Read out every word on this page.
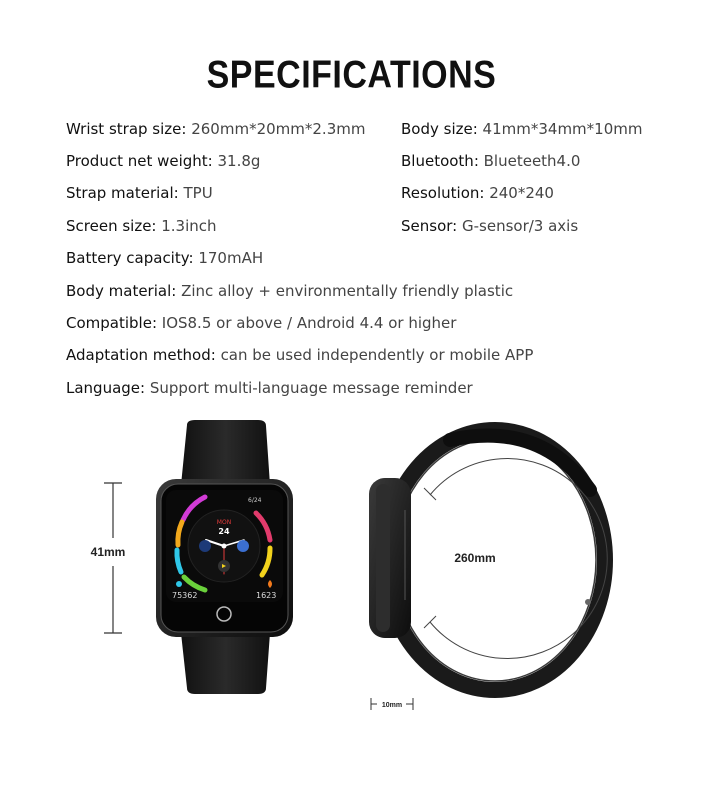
SPECIFICATIONS
Wrist strap size: 260mm*20mm*2.3mm
Product net weight: 31.8g
Strap material: TPU
Screen size: 1.3inch
Battery capacity: 170mAH
Body material: Zinc alloy + environmentally friendly plastic
Compatible: IOS8.5 or above / Android 4.4 or higher
Adaptation method: can be used independently or mobile APP
Language: Support multi-language message reminder
Body size: 41mm*34mm*10mm
Bluetooth: Blueteeth4.0
Resolution: 240*240
Sensor: G-sensor/3 axis
41mm
6/24
MON
24
75362	1623
260mm
10mm
